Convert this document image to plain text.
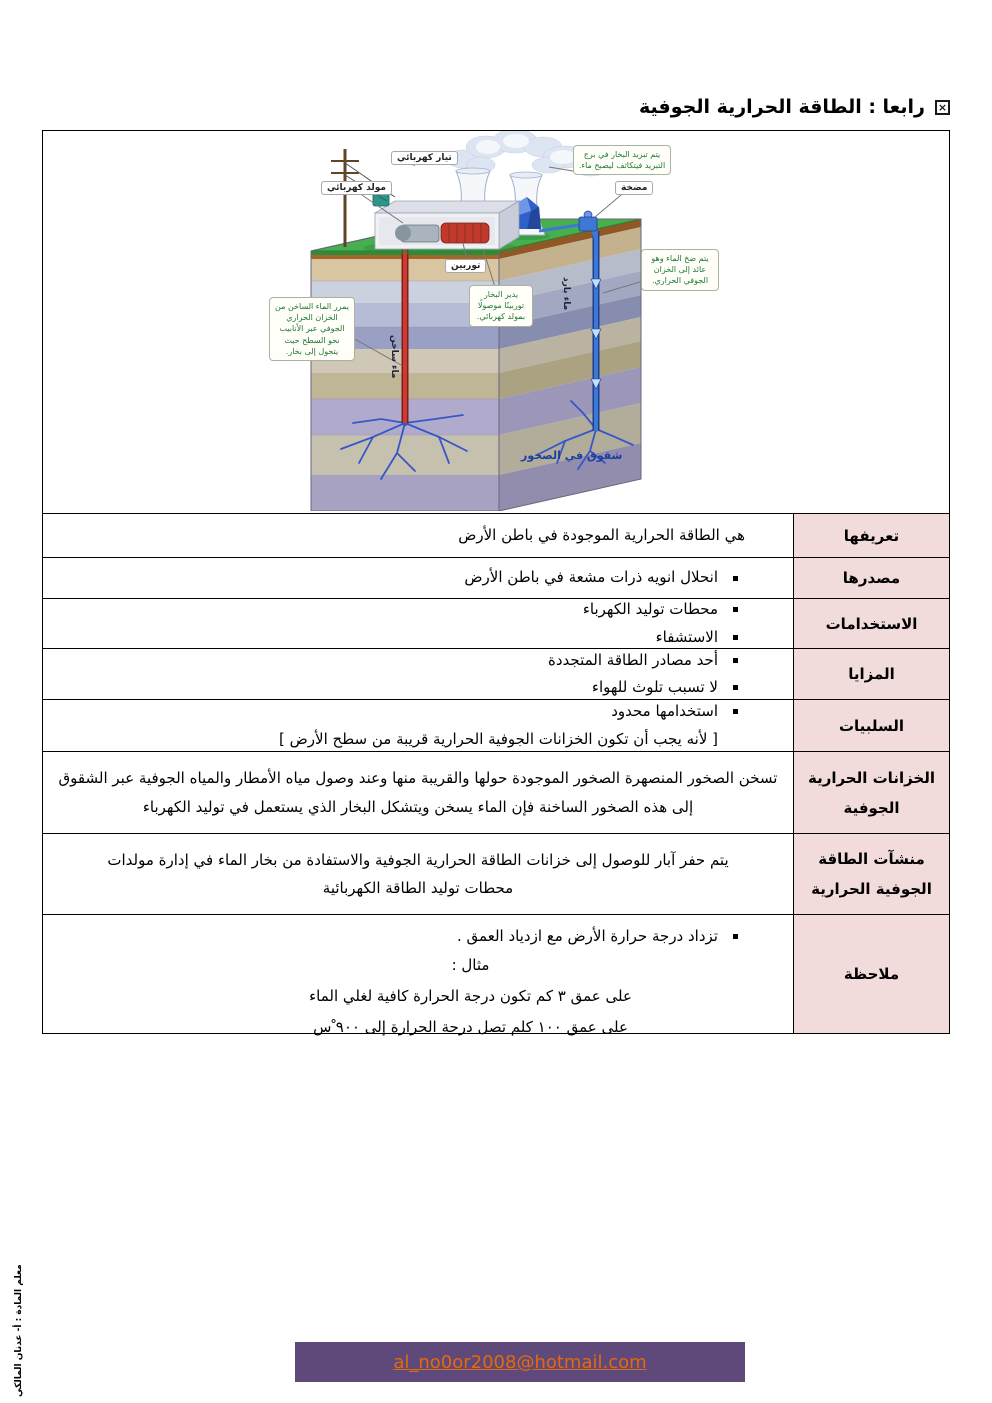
×
رابعا : الطاقة الحرارية الجوفية
يتم تبريد البخار في برج التبريد فيتكاثف ليصبح ماء.
مضخة
تيار كهربائي
مولد كهربائي
توربين
يدير البخار توربينًا موصولًا بمولد كهربائي.
ماء بارد
يتم ضخ الماء وهو عائد إلى الخزان الجوفي الحراري.
يمرر الماء الساخن من الخزان الحراري الجوفي عبر الأنابيب نحو السطح حيث يتحول إلى بخار.	ماء ساخن
شقوق في الصخور
تعريفها
هي الطاقة الحرارية الموجودة في باطن الأرض
مصدرها
انحلال انويه ذرات مشعة في باطن الأرض
الاستخدامات
محطات توليد الكهرباء
الاستشفاء
المزايا
أحد مصادر الطاقة المتجددة
لا تسبب تلوث للهواء
السلبيات
استخدامها محدود
[ لأنه يجب أن تكون الخزانات الجوفية الحرارية قريبة من سطح الأرض ]
الخزانات الحرارية الجوفية
تسخن الصخور المنصهرة الصخور الموجودة حولها والقريبة منها وعند وصول مياه الأمطار والمياه الجوفية عبر الشقوق إلى هذه الصخور الساخنة فإن الماء يسخن ويتشكل البخار الذي يستعمل في توليد الكهرباء
منشآت الطاقة الجوفية الحرارية
يتم حفر آبار للوصول إلى خزانات الطاقة الحرارية الجوفية والاستفادة من بخار الماء في إدارة مولدات محطات توليد الطاقة الكهربائية
ملاحظة
تزداد درجة حرارة الأرض مع ازدياد العمق .
مثال :
على عمق ٣ كم تكون درجة الحرارة كافية لغلي الماء
على عمق ١٠٠ كلم تصل درجة الحرارة إلى ٩٠٠ ْس
al_no0or2008@hotmail.com
معلم المادة : أ- عدنان المالكي
